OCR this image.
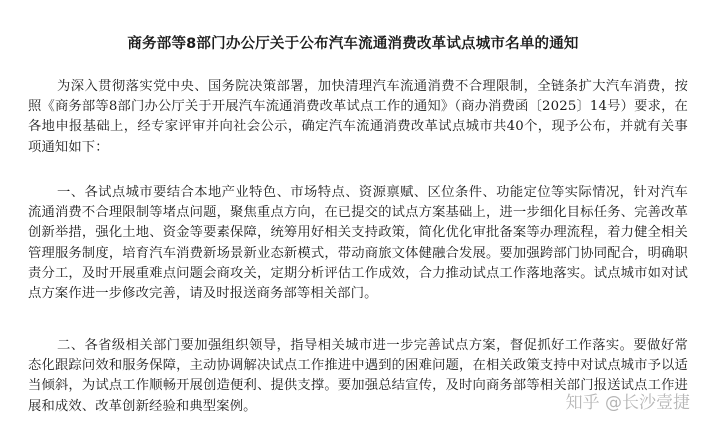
商务部等8部门办公厅关于公布汽车流通消费改革试点城市名单的通知
为深入贯彻落实党中央、国务院决策部署，加快清理汽车流通消费不合理限制，全链条扩大汽车消费，按照《商务部等8部门办公厅关于开展汽车流通消费改革试点工作的通知》（商办消费函〔2025〕14号）要求，在各地申报基础上，经专家评审并向社会公示，确定汽车流通消费改革试点城市共40个，现予公布，并就有关事项通知如下：
一、各试点城市要结合本地产业特色、市场特点、资源禀赋、区位条件、功能定位等实际情况，针对汽车流通消费不合理限制等堵点问题，聚焦重点方向，在已提交的试点方案基础上，进一步细化目标任务、完善改革创新举措，强化土地、资金等要素保障，统筹用好相关支持政策，简化优化审批备案等办理流程，着力健全相关管理服务制度，培育汽车消费新场景新业态新模式，带动商旅文体健融合发展。要加强跨部门协同配合，明确职责分工，及时开展重难点问题会商攻关，定期分析评估工作成效，合力推动试点工作落地落实。试点城市如对试点方案作进一步修改完善，请及时报送商务部等相关部门。
二、各省级相关部门要加强组织领导，指导相关城市进一步完善试点方案，督促抓好工作落实。要做好常态化跟踪问效和服务保障，主动协调解决试点工作推进中遇到的困难问题，在相关政策支持中对试点城市予以适当倾斜，为试点工作顺畅开展创造便利、提供支撑。要加强总结宣传，及时向商务部等相关部门报送试点工作进展和成效、改革创新经验和典型案例。	知乎 @长沙壹捷
